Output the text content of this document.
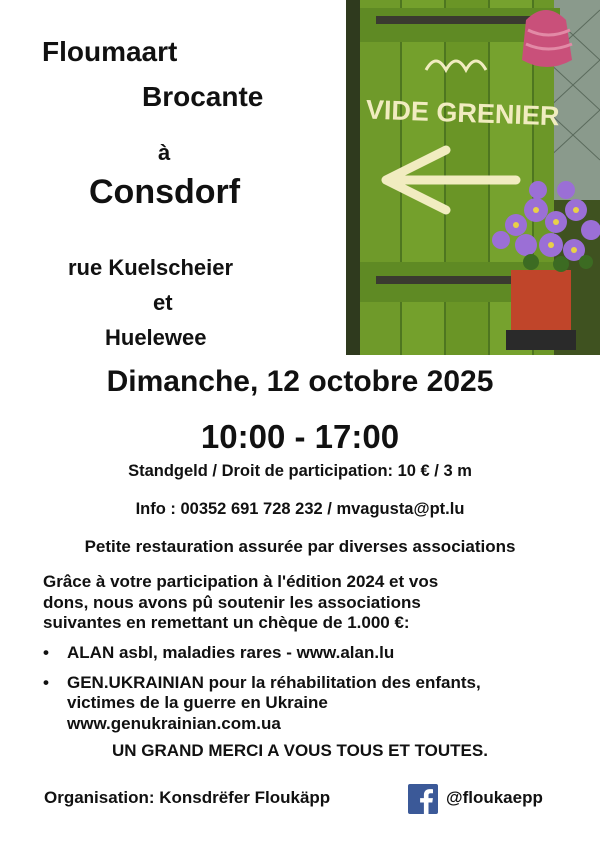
Floumaart
Brocante
à
Consdorf
rue Kuelscheier
et
Huelewee
VIDE GRENIER
Dimanche, 12 octobre 2025
10:00 - 17:00
Standgeld / Droit de participation: 10 € / 3 m
Info : 00352 691 728 232 / mvagusta@pt.lu
Petite restauration assurée par diverses associations
Grâce à votre participation à l'édition 2024 et vos
dons, nous avons pû soutenir les associations
suivantes en remettant un chèque de 1.000 €:
• ALAN asbl, maladies rares - www.alan.lu
• GEN.UKRAINIAN pour la réhabilitation des enfants,
victimes de la guerre en Ukraine
www.genukrainian.com.ua
UN GRAND MERCI A VOUS TOUS ET TOUTES.
Organisation: Konsdrëfer Floukäpp	@floukaepp
